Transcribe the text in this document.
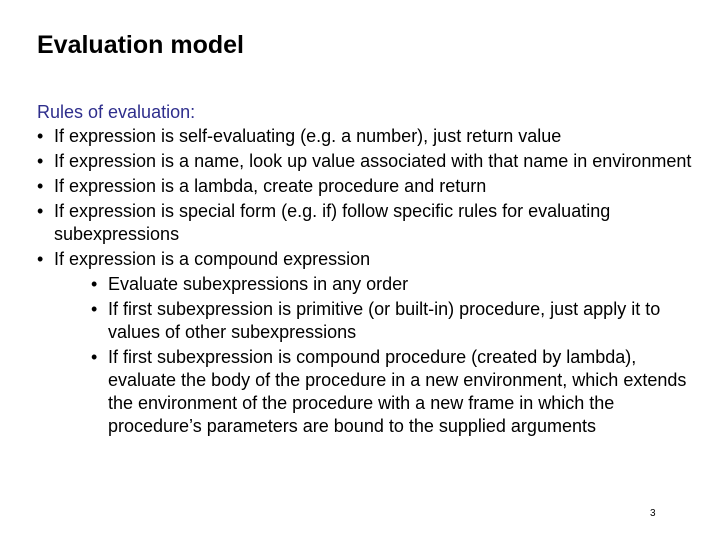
Evaluation model
Rules of evaluation:
• If expression is self-evaluating (e.g. a number), just return value
• If expression is a name, look up value associated with that name in environment
• If expression is a lambda, create procedure and return
• If expression is special form (e.g. if) follow specific rules for evaluating subexpressions
• If expression is a compound expression
• Evaluate subexpressions in any order
• If first subexpression is primitive (or built-in) procedure, just apply it to values of other subexpressions
• If first subexpression is compound procedure (created by lambda), evaluate the body of the procedure in a new environment, which extends the environment of the procedure with a new frame in which the procedure’s parameters are bound to the supplied arguments
3
